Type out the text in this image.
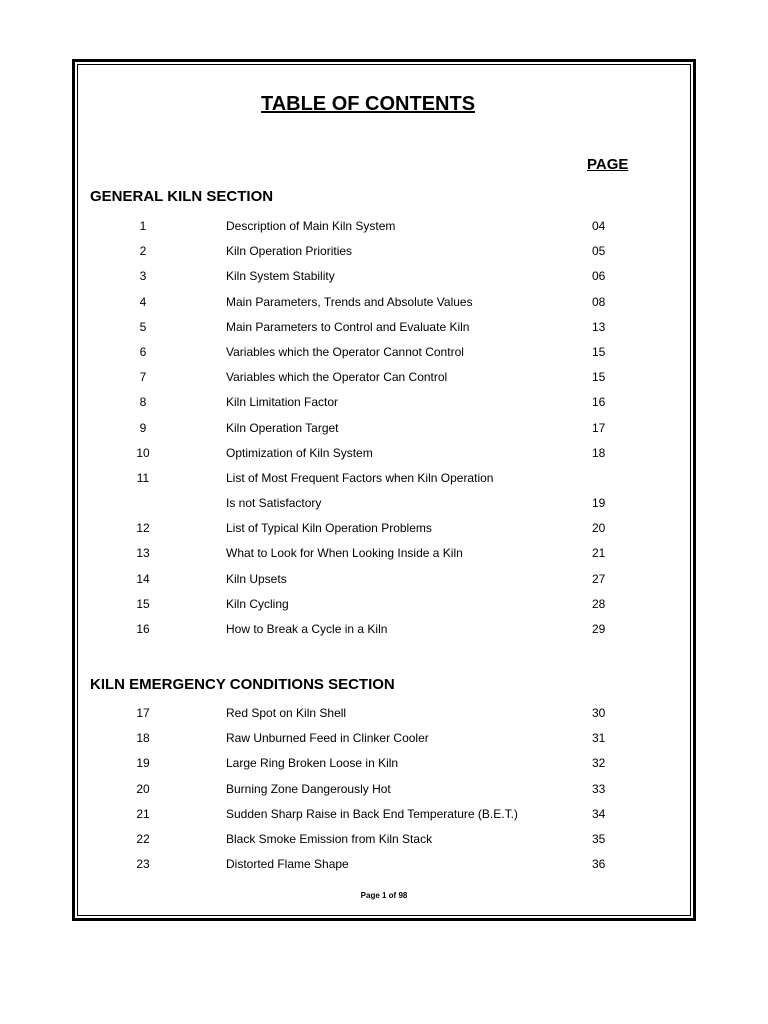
TABLE OF CONTENTS
PAGE
GENERAL KILN SECTION
1	Description of Main Kiln System	04
2	Kiln Operation Priorities	05
3	Kiln System Stability	06
4	Main Parameters, Trends and Absolute Values	08
5	Main Parameters to Control and Evaluate Kiln	13
6	Variables which the Operator Cannot Control	15
7	Variables which the Operator Can Control	15
8	Kiln Limitation Factor	16
9	Kiln Operation Target	17
10	Optimization of Kiln System	18
11	List of Most Frequent Factors when Kiln Operation
Is not Satisfactory	19
12	List of Typical Kiln Operation Problems	20
13	What to Look for When Looking Inside a Kiln	21
14	Kiln Upsets	27
15	Kiln Cycling	28
16	How to Break a Cycle in a Kiln	29
KILN EMERGENCY CONDITIONS SECTION
17	Red Spot on Kiln Shell	30
18	Raw Unburned Feed in Clinker Cooler	31
19	Large Ring Broken Loose in Kiln	32
20	Burning Zone Dangerously Hot	33
21	Sudden Sharp Raise in Back End Temperature (B.E.T.)	34
22	Black Smoke Emission from Kiln Stack	35
23	Distorted Flame Shape	36
Page 1 of 98
